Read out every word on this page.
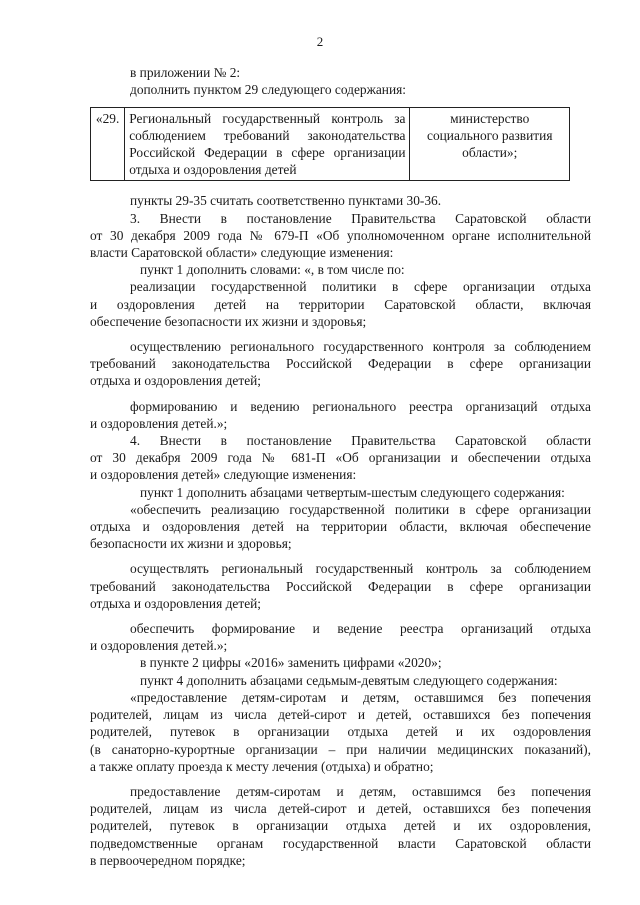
2

в приложении № 2:

дополнить пунктом 29 следующего содержания:

«29.	Региональный государственный контроль за соблюдением требований законодательства Российской Федерации в сфере организации отдыха и оздоровления детей	министерство социального развития области»;

пункты 29-35 считать соответственно пунктами 30-36.

3. Внести в постановление Правительства Саратовской области

от 30 декабря 2009 года № 679-П «Об уполномоченном органе исполнительной

власти Саратовской области» следующие изменения:

пункт 1 дополнить словами: «, в том числе по:

реализации государственной политики в сфере организации отдыха

и оздоровления детей на территории Саратовской области, включая

обеспечение безопасности их жизни и здоровья;

осуществлению регионального государственного контроля за соблюдением

требований законодательства Российской Федерации в сфере организации

отдыха и оздоровления детей;

формированию и ведению регионального реестра организаций отдыха

и оздоровления детей.»;

4. Внести в постановление Правительства Саратовской области

от 30 декабря 2009 года № 681-П «Об организации и обеспечении отдыха

и оздоровления детей» следующие изменения:

пункт 1 дополнить абзацами четвертым-шестым следующего содержания:

«обеспечить реализацию государственной политики в сфере организации

отдыха и оздоровления детей на территории области, включая обеспечение

безопасности их жизни и здоровья;

осуществлять региональный государственный контроль за соблюдением

требований законодательства Российской Федерации в сфере организации

отдыха и оздоровления детей;

обеспечить формирование и ведение реестра организаций отдыха

и оздоровления детей.»;

в пункте 2 цифры «2016» заменить цифрами «2020»;

пункт 4 дополнить абзацами седьмым-девятым следующего содержания:

«предоставление детям-сиротам и детям, оставшимся без попечения

родителей, лицам из числа детей-сирот и детей, оставшихся без попечения

родителей, путевок в организации отдыха детей и их оздоровления

(в санаторно-курортные организации – при наличии медицинских показаний),

а также оплату проезда к месту лечения (отдыха) и обратно;

предоставление детям-сиротам и детям, оставшимся без попечения

родителей, лицам из числа детей-сирот и детей, оставшихся без попечения

родителей, путевок в организации отдыха детей и их оздоровления,

подведомственные органам государственной власти Саратовской области

в первоочередном порядке;
